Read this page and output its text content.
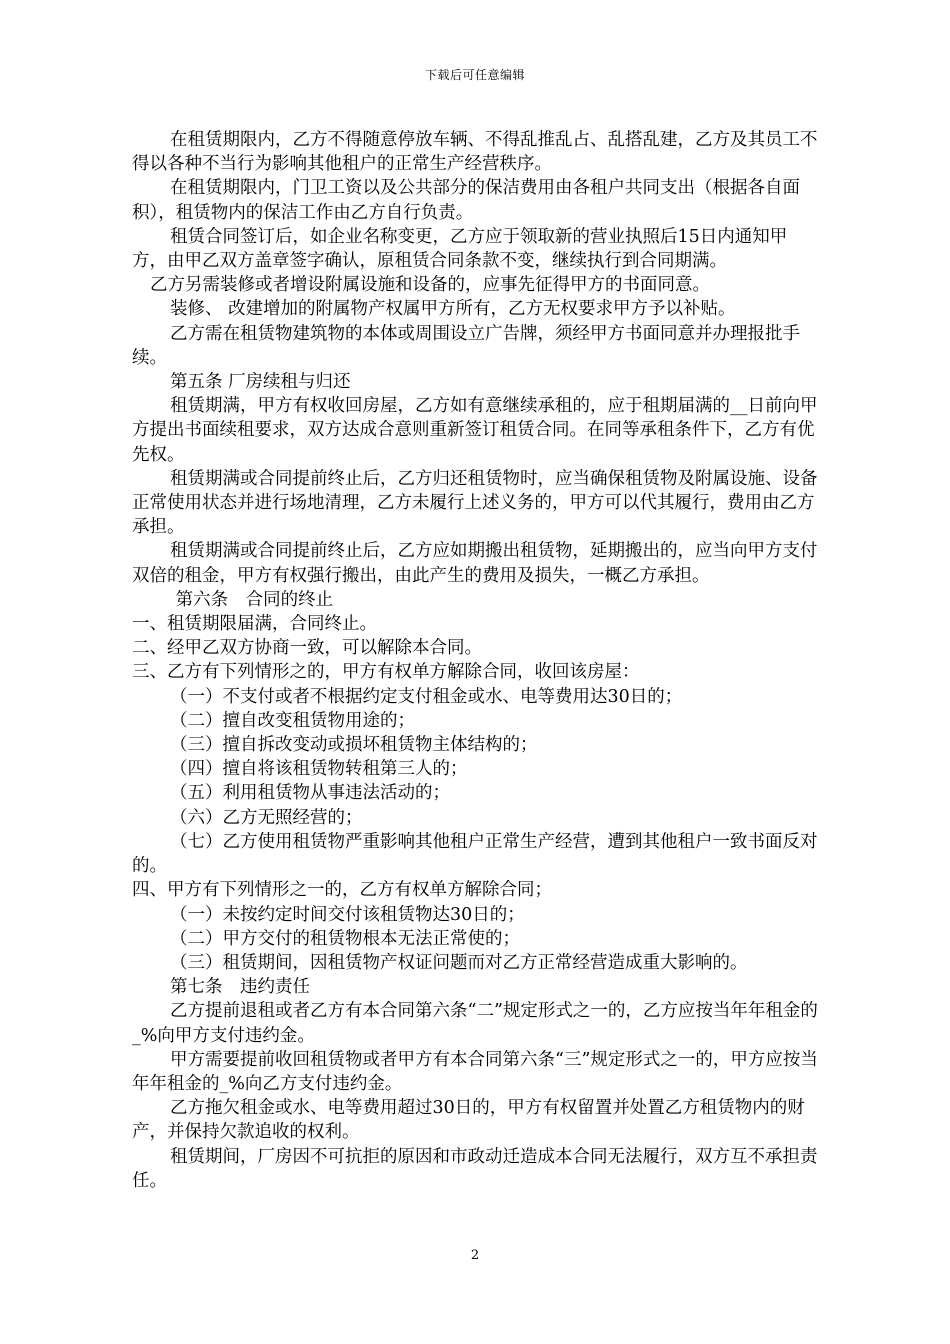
下载后可任意编辑

在租赁期限内，乙方不得随意停放车辆、不得乱推乱占、乱搭乱建，乙方及其员工不得以各种不当行为影响其他租户的正常生产经营秩序。

在租赁期限内，门卫工资以及公共部分的保洁费用由各租户共同支出（根据各自面积），租赁物内的保洁工作由乙方自行负责。

租赁合同签订后，如企业名称变更，乙方应于领取新的营业执照后15日内通知甲方，由甲乙双方盖章签字确认，原租赁合同条款不变，继续执行到合同期满。

乙方另需装修或者增设附属设施和设备的，应事先征得甲方的书面同意。

装修、 改建增加的附属物产权属甲方所有，乙方无权要求甲方予以补贴。

乙方需在租赁物建筑物的本体或周围设立广告牌，须经甲方书面同意并办理报批手续。

第五条 厂房续租与归还

租赁期满，甲方有权收回房屋，乙方如有意继续承租的，应于租期届满的__日前向甲方提出书面续租要求，双方达成合意则重新签订租赁合同。在同等承租条件下，乙方有优先权。

租赁期满或合同提前终止后，乙方归还租赁物时，应当确保租赁物及附属设施、设备正常使用状态并进行场地清理，乙方未履行上述义务的，甲方可以代其履行，费用由乙方承担。

租赁期满或合同提前终止后，乙方应如期搬出租赁物，延期搬出的，应当向甲方支付双倍的租金，甲方有权强行搬出，由此产生的费用及损失，一概乙方承担。

第六条　合同的终止

一、租赁期限届满，合同终止。

二、经甲乙双方协商一致，可以解除本合同。

三、乙方有下列情形之的，甲方有权单方解除合同，收回该房屋：

（一）不支付或者不根据约定支付租金或水、电等费用达30日的；

（二）擅自改变租赁物用途的；

（三）擅自拆改变动或损坏租赁物主体结构的；

（四）擅自将该租赁物转租第三人的；

（五）利用租赁物从事违法活动的；

（六）乙方无照经营的；

（七）乙方使用租赁物严重影响其他租户正常生产经营，遭到其他租户一致书面反对的。

四、甲方有下列情形之一的，乙方有权单方解除合同；

（一）未按约定时间交付该租赁物达30日的；

（二）甲方交付的租赁物根本无法正常使的；

（三）租赁期间，因租赁物产权证问题而对乙方正常经营造成重大影响的。

第七条　违约责任

乙方提前退租或者乙方有本合同第六条“二”规定形式之一的，乙方应按当年年租金的_%向甲方支付违约金。

甲方需要提前收回租赁物或者甲方有本合同第六条“三”规定形式之一的，甲方应按当年年租金的_%向乙方支付违约金。

乙方拖欠租金或水、电等费用超过30日的，甲方有权留置并处置乙方租赁物内的财产，并保持欠款追收的权利。

租赁期间，厂房因不可抗拒的原因和市政动迁造成本合同无法履行，双方互不承担责任。

2
